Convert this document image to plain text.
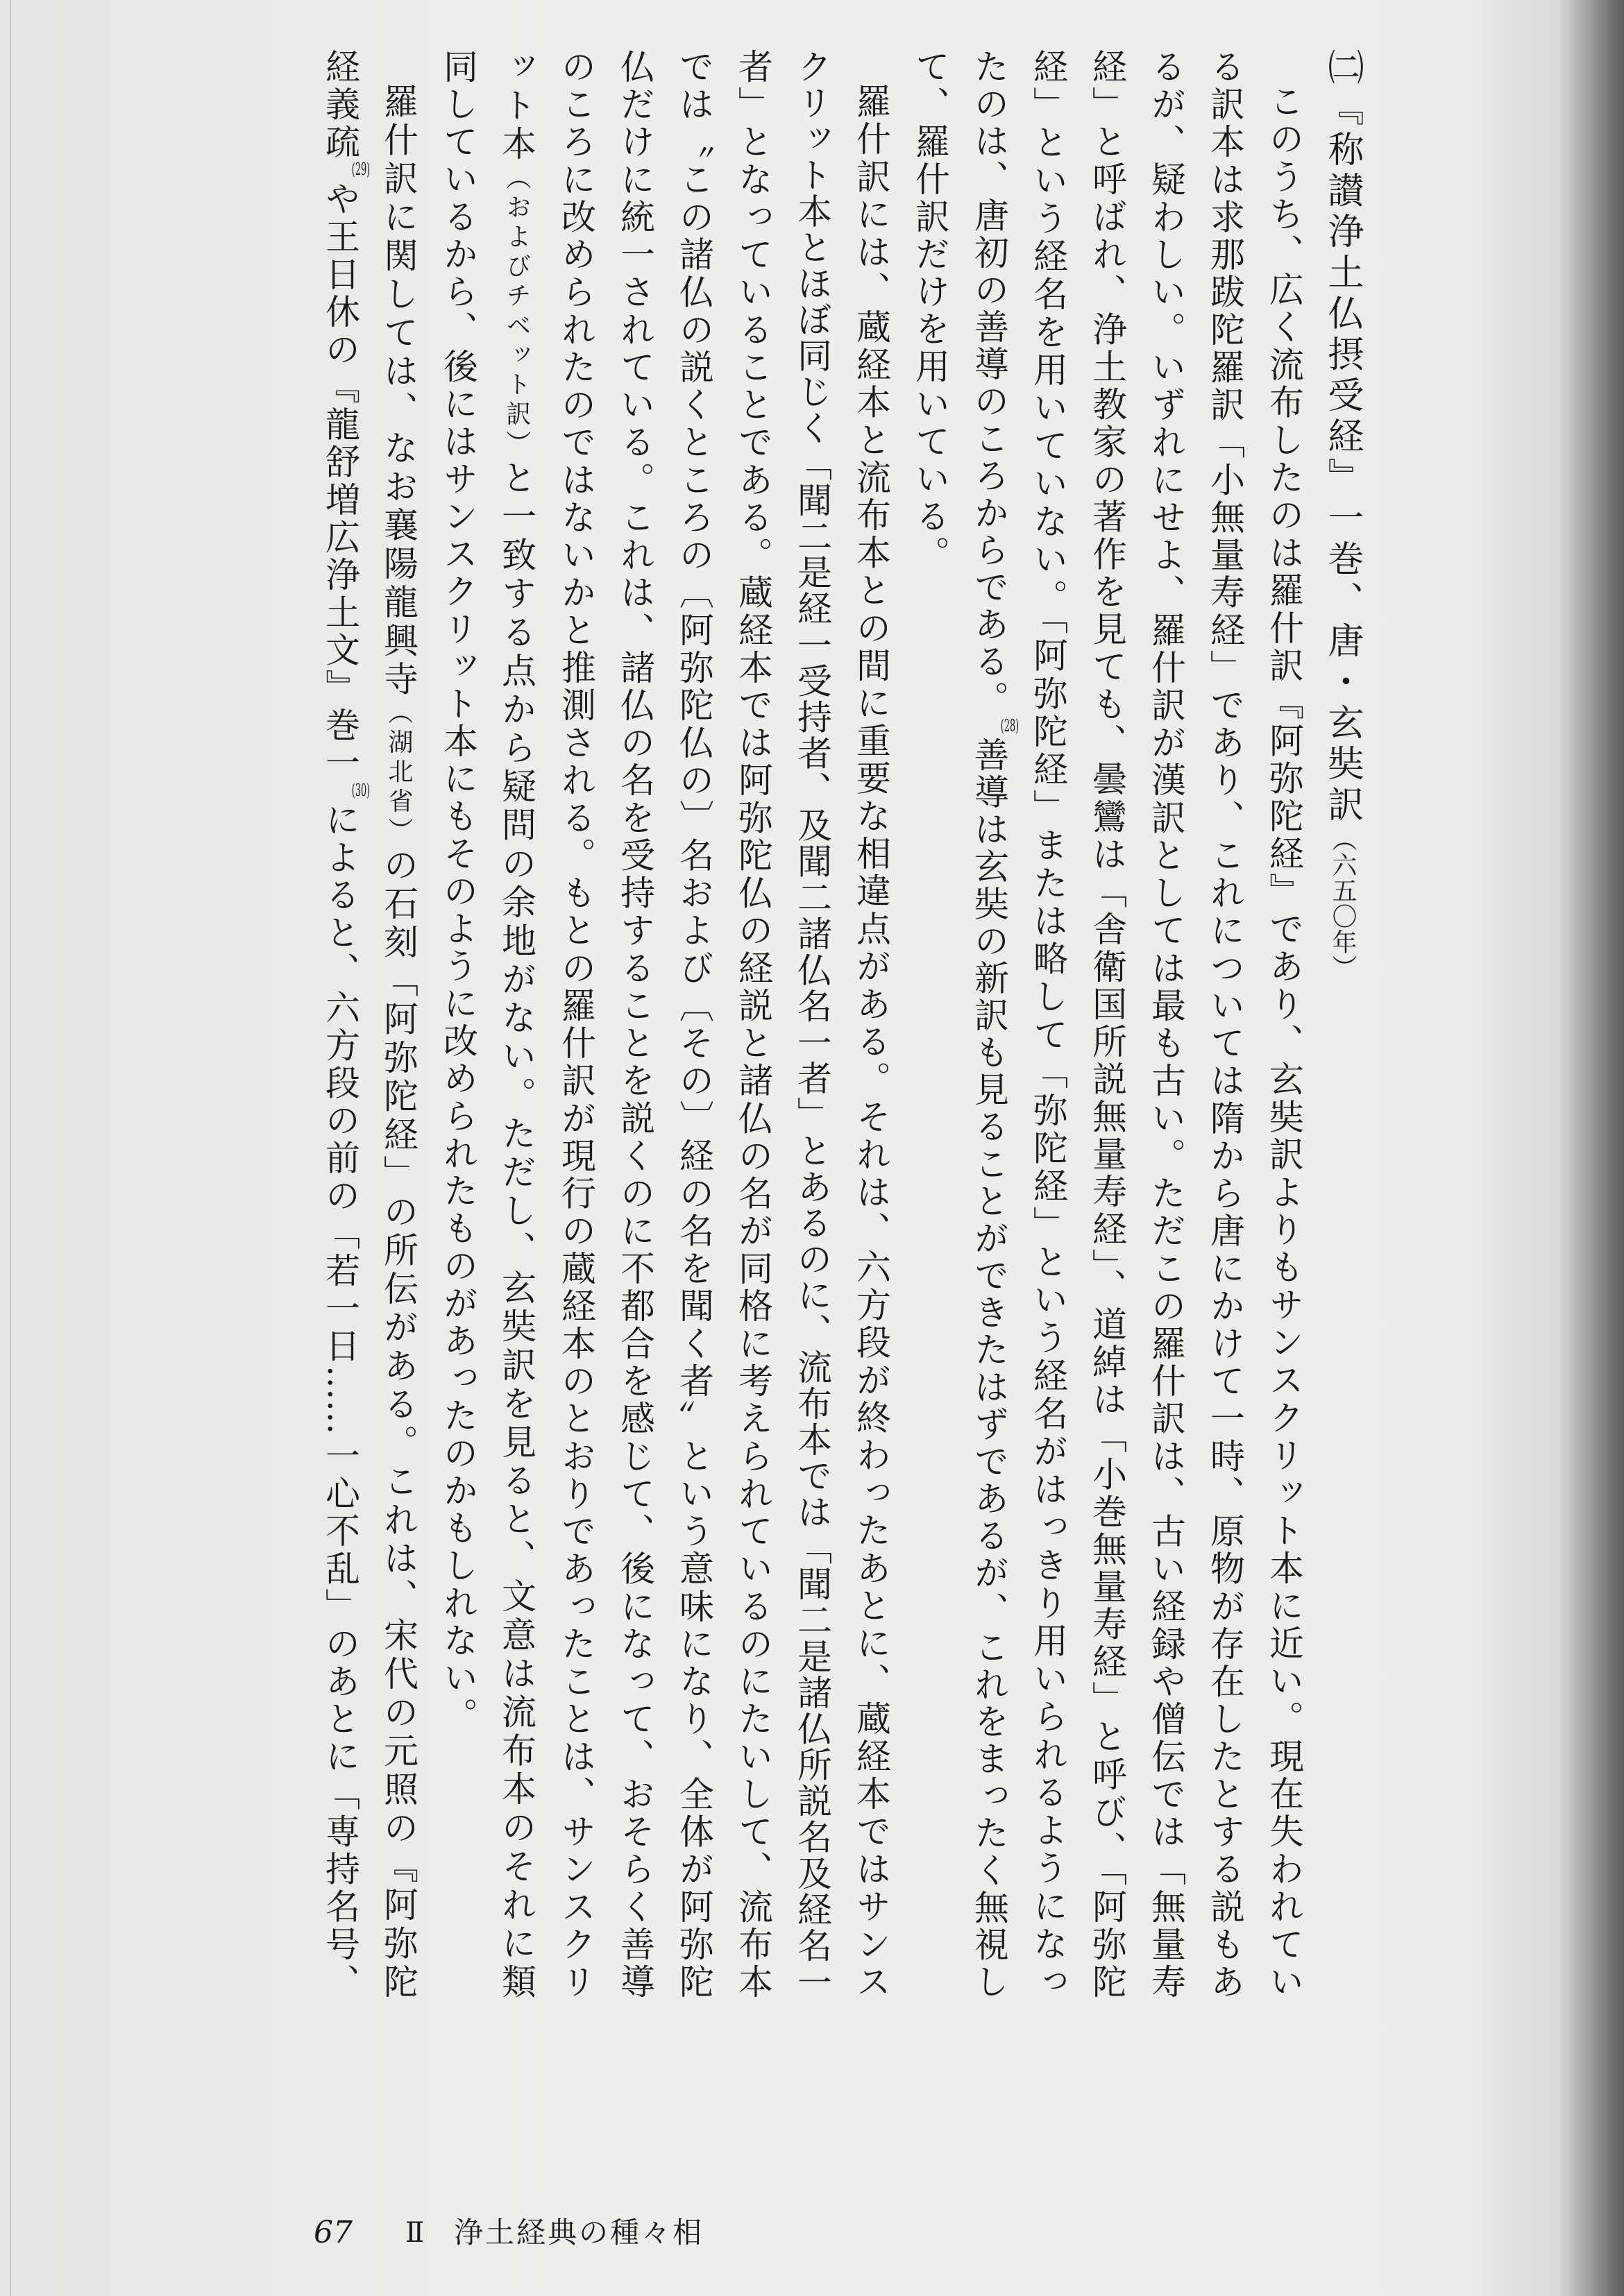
㈡『称讃浄土仏摂受経』一巻、唐・玄奘訳（六五〇年）
このうち、広く流布したのは羅什訳『阿弥陀経』であり、玄奘訳よりもサンスクリット本に近い。現在失われてい
る訳本は求那跋陀羅訳「小無量寿経」であり、これについては隋から唐にかけて一時、原物が存在したとする説もあ
るが、疑わしい。いずれにせよ、羅什訳が漢訳としては最も古い。ただこの羅什訳は、古い経録や僧伝では「無量寿
経」と呼ばれ、浄土教家の著作を見ても、曇鸞は「舎衛国所説無量寿経」、道綽は「小巻無量寿経」と呼び、「阿弥陀
経」という経名を用いていない。「阿弥陀経」または略して「弥陀経」という経名がはっきり用いられるようになっ
たのは、唐初の善導のころからである。(28)善導は玄奘の新訳も見ることができたはずであるが、これをまったく無視し
て、羅什訳だけを用いている。
羅什訳には、蔵経本と流布本との間に重要な相違点がある。それは、六方段が終わったあとに、蔵経本ではサンス
クリット本とほぼ同じく「聞㆓是経㆒受持者、及聞㆓諸仏名㆒者」とあるのに、流布本では「聞㆓是諸仏所説名及経名㆒
者」となっていることである。蔵経本では阿弥陀仏の経説と諸仏の名が同格に考えられているのにたいして、流布本
では〝この諸仏の説くところの〔阿弥陀仏の〕名および〔その〕経の名を聞く者〟という意味になり、全体が阿弥陀
仏だけに統一されている。これは、諸仏の名を受持することを説くのに不都合を感じて、後になって、おそらく善導
のころに改められたのではないかと推測される。もとの羅什訳が現行の蔵経本のとおりであったことは、サンスクリ
ット本（およびチベット訳）と一致する点から疑問の余地がない。ただし、玄奘訳を見ると、文意は流布本のそれに類
同しているから、後にはサンスクリット本にもそのように改められたものがあったのかもしれない。
羅什訳に関しては、なお襄陽龍興寺（湖北省）の石刻「阿弥陀経」の所伝がある。これは、宋代の元照の『阿弥陀
経義疏(29)や王日休の『龍舒増広浄土文』巻一(30)によると、六方段の前の「若一日……一心不乱」のあとに「専持名号、
67 Ⅱ 浄土経典の種々相
